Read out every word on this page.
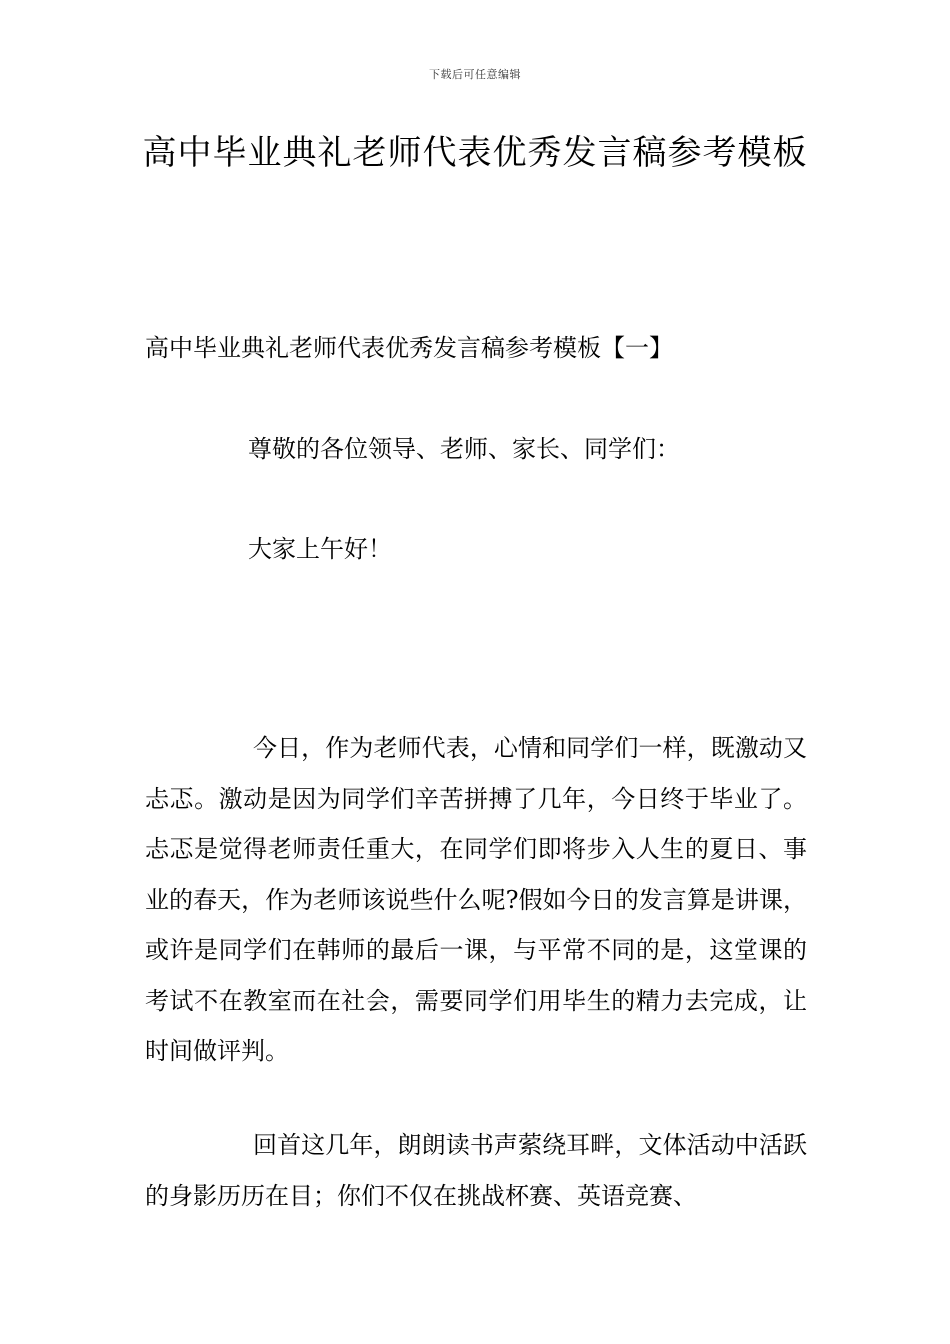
下载后可任意编辑
高中毕业典礼老师代表优秀发言稿参考模板
高中毕业典礼老师代表优秀发言稿参考模板【一】

尊敬的各位领导、老师、家长、同学们：

大家上午好！

今日，作为老师代表，心情和同学们一样，既激动又忐忑。激动是因为同学们辛苦拼搏了几年，今日终于毕业了。忐忑是觉得老师责任重大，在同学们即将步入人生的夏日、事业的春天，作为老师该说些什么呢?假如今日的发言算是讲课，或许是同学们在韩师的最后一课，与平常不同的是，这堂课的考试不在教室而在社会，需要同学们用毕生的精力去完成，让时间做评判。

回首这几年，朗朗读书声萦绕耳畔，文体活动中活跃的身影历历在目；你们不仅在挑战杯赛、英语竞赛、
